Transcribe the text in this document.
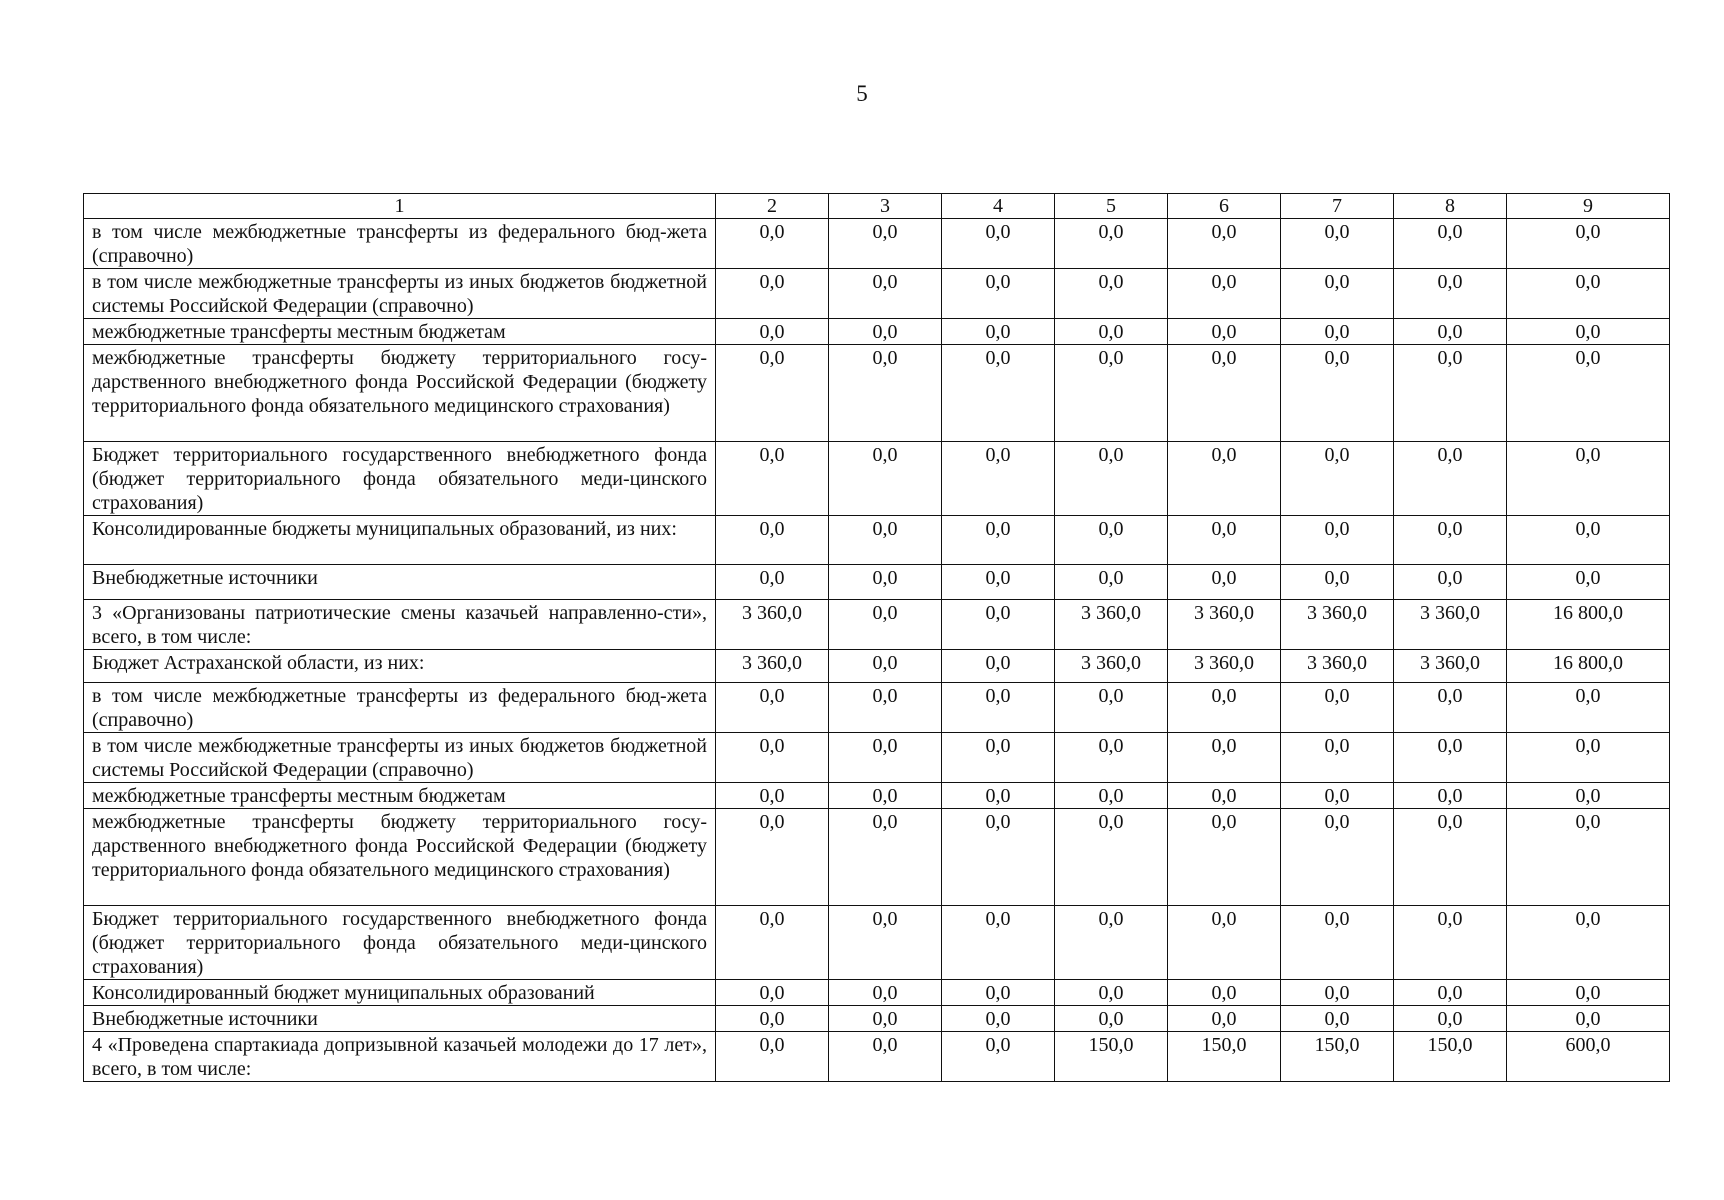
5
1	2	3	4	5	6	7	8	9
в том числе межбюджетные трансферты из федерального бюд-жета (справочно)	0,0	0,0	0,0	0,0	0,0	0,0	0,0	0,0
в том числе межбюджетные трансферты из иных бюджетов бюджетной системы Российской Федерации (справочно)	0,0	0,0	0,0	0,0	0,0	0,0	0,0	0,0
межбюджетные трансферты местным бюджетам	0,0	0,0	0,0	0,0	0,0	0,0	0,0	0,0
межбюджетные трансферты бюджету территориального госу-дарственного внебюджетного фонда Российской Федерации (бюджету территориального фонда обязательного медицинского страхования)	0,0	0,0	0,0	0,0	0,0	0,0	0,0	0,0
Бюджет территориального государственного внебюджетного фонда (бюджет территориального фонда обязательного меди-цинского страхования)	0,0	0,0	0,0	0,0	0,0	0,0	0,0	0,0
Консолидированные бюджеты муниципальных образований, из них:	0,0	0,0	0,0	0,0	0,0	0,0	0,0	0,0
Внебюджетные источники	0,0	0,0	0,0	0,0	0,0	0,0	0,0	0,0
3 «Организованы патриотические смены казачьей направленно-сти», всего, в том числе:	3 360,0	0,0	0,0	3 360,0	3 360,0	3 360,0	3 360,0	16 800,0
Бюджет Астраханской области, из них:	3 360,0	0,0	0,0	3 360,0	3 360,0	3 360,0	3 360,0	16 800,0
в том числе межбюджетные трансферты из федерального бюд-жета (справочно)	0,0	0,0	0,0	0,0	0,0	0,0	0,0	0,0
в том числе межбюджетные трансферты из иных бюджетов бюджетной системы Российской Федерации (справочно)	0,0	0,0	0,0	0,0	0,0	0,0	0,0	0,0
межбюджетные трансферты местным бюджетам	0,0	0,0	0,0	0,0	0,0	0,0	0,0	0,0
межбюджетные трансферты бюджету территориального госу-дарственного внебюджетного фонда Российской Федерации (бюджету территориального фонда обязательного медицинского страхования)	0,0	0,0	0,0	0,0	0,0	0,0	0,0	0,0
Бюджет территориального государственного внебюджетного фонда (бюджет территориального фонда обязательного меди-цинского страхования)	0,0	0,0	0,0	0,0	0,0	0,0	0,0	0,0
Консолидированный бюджет муниципальных образований	0,0	0,0	0,0	0,0	0,0	0,0	0,0	0,0
Внебюджетные источники	0,0	0,0	0,0	0,0	0,0	0,0	0,0	0,0
4 «Проведена спартакиада допризывной казачьей молодежи до 17 лет», всего, в том числе:	0,0	0,0	0,0	150,0	150,0	150,0	150,0	600,0
